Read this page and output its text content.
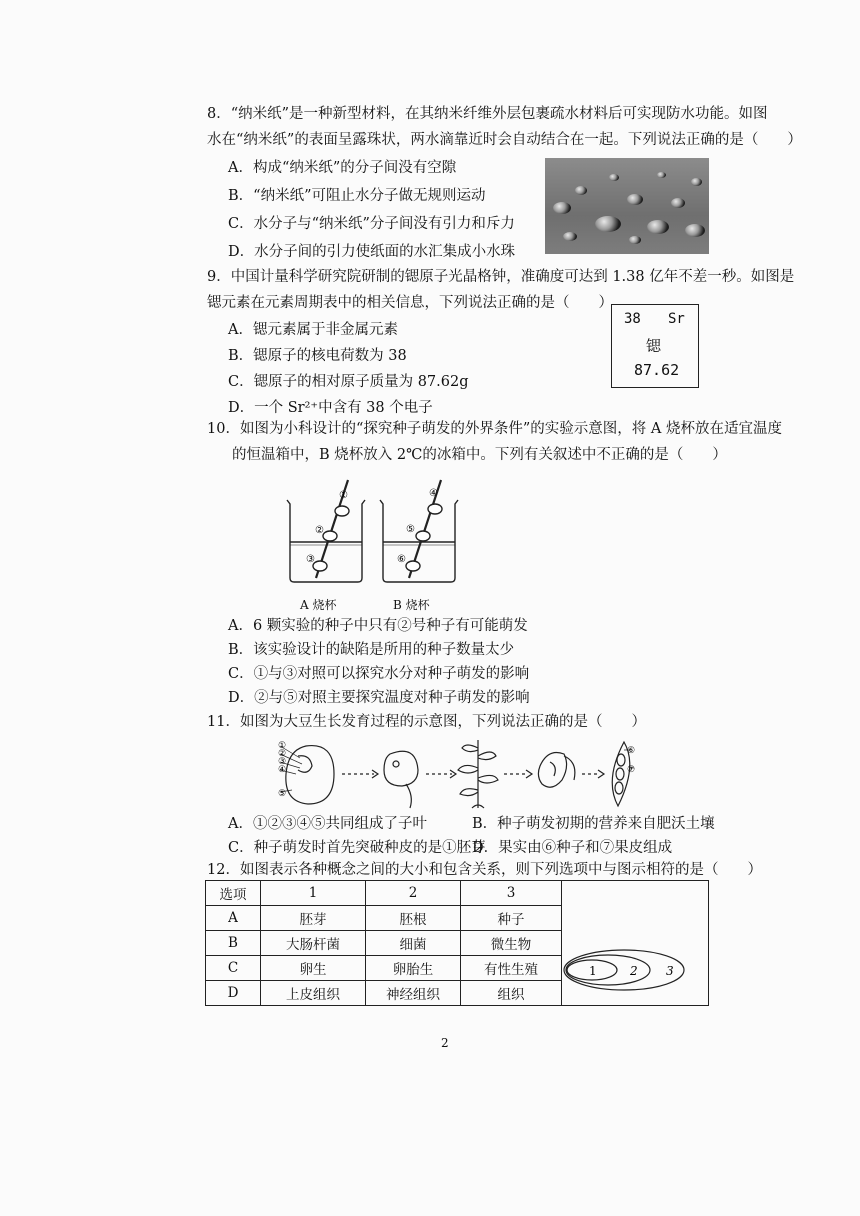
8．“纳米纸”是一种新型材料，在其纳米纤维外层包裹疏水材料后可实现防水功能。如图
水在“纳米纸”的表面呈露珠状，两水滴靠近时会自动结合在一起。下列说法正确的是（　　）
A．构成“纳米纸”的分子间没有空隙
B．“纳米纸”可阻止水分子做无规则运动
C．水分子与“纳米纸”分子间没有引力和斥力
D．水分子间的引力使纸面的水汇集成小水珠
9．中国计量科学研究院研制的锶原子光晶格钟，准确度可达到 1.38 亿年不差一秒。如图是
锶元素在元素周期表中的相关信息，下列说法正确的是（　　）
A．锶元素属于非金属元素
B．锶原子的核电荷数为 38
C．锶原子的相对原子质量为 87.62g
D．一个 Sr²⁺中含有 38 个电子
38 Sr
锶
87.62
10．如图为小科设计的“探究种子萌发的外界条件”的实验示意图，将 A 烧杯放在适宜温度
的恒温箱中，B 烧杯放入 2℃的冰箱中。下列有关叙述中不正确的是（　　）
①
②
③
④
⑤
⑥
A 烧杯	B 烧杯
A．6 颗实验的种子中只有②号种子有可能萌发
B．该实验设计的缺陷是所用的种子数量太少
C．①与③对照可以探究水分对种子萌发的影响
D．②与⑤对照主要探究温度对种子萌发的影响
11．如图为大豆生长发育过程的示意图，下列说法正确的是（　　）
①
②
③
④
⑤
⑥
⑦
A．①②③④⑤共同组成了子叶	B．种子萌发初期的营养来自肥沃土壤
C．种子萌发时首先突破种皮的是①胚芽
D．果实由⑥种子和⑦果皮组成
12．如图表示各种概念之间的大小和包含关系，则下列选项中与图示相符的是（　　）
选项	1	2	3	1 2 3

A	胚芽	胚根	种子	
B	大肠杆菌	细菌	微生物	
C	卵生	卵胎生	有性生殖	
D	上皮组织	神经组织	组织	
2
